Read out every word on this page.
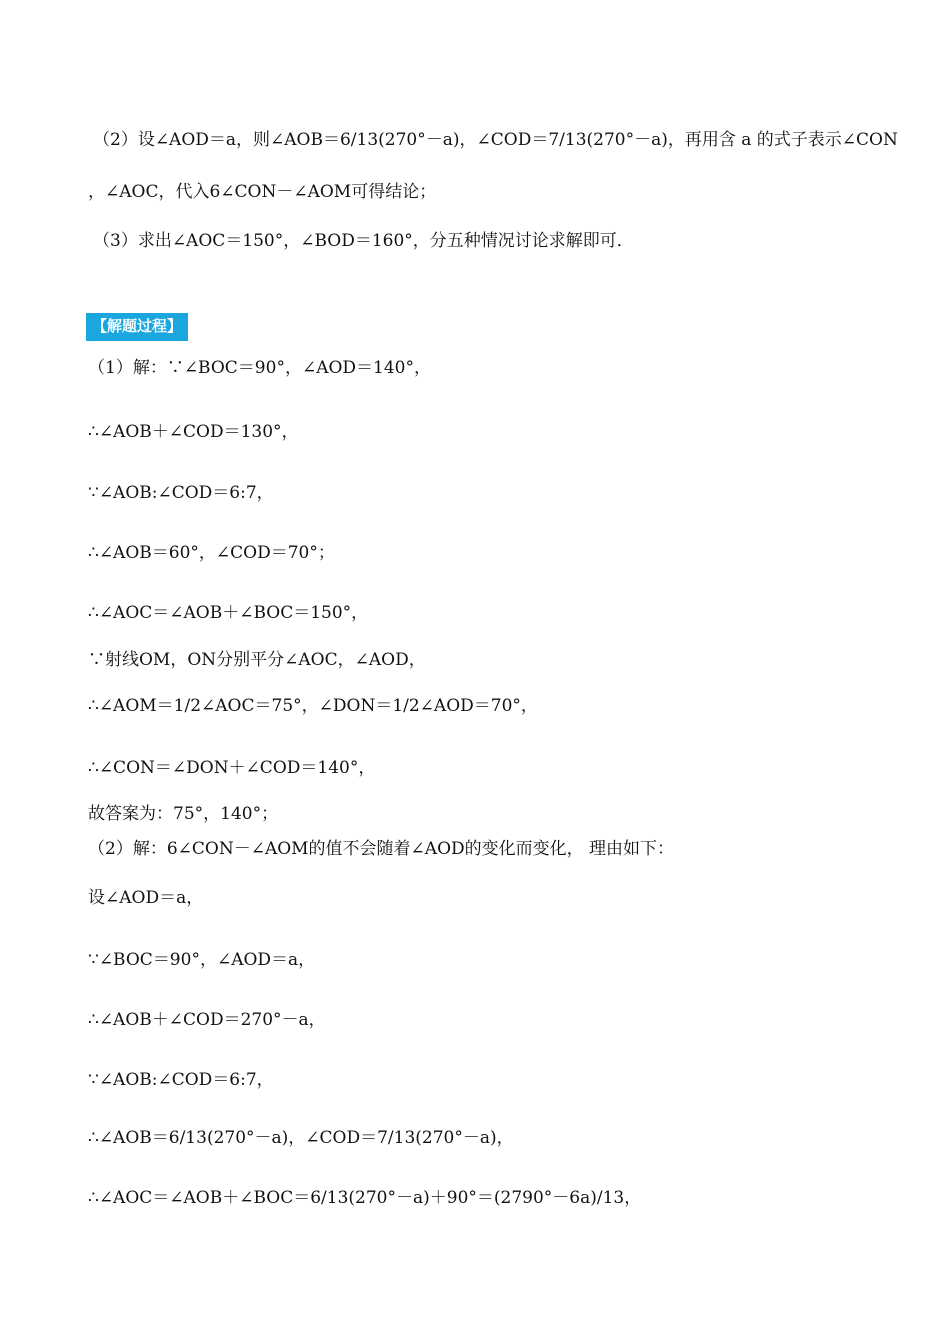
（2）设∠AOD＝a，则∠AOB＝6/13(270°－a)，∠COD＝7/13(270°－a)，再用含 a 的式子表示∠CON
，∠AOC，代入6∠CON－∠AOM可得结论；
（3）求出∠AOC＝150°，∠BOD＝160°，分五种情况讨论求解即可．
【解题过程】
（1）解：∵∠BOC＝90°，∠AOD＝140°，
∴∠AOB＋∠COD＝130°，
∵∠AOB:∠COD＝6:7，
∴∠AOB＝60°，∠COD＝70°；
∴∠AOC＝∠AOB＋∠BOC＝150°，
∵射线OM，ON分别平分∠AOC，∠AOD，
∴∠AOM＝1/2∠AOC＝75°，∠DON＝1/2∠AOD＝70°，
∴∠CON＝∠DON＋∠COD＝140°，
故答案为：75°，140°；
（2）解：6∠CON－∠AOM的值不会随着∠AOD的变化而变化， 理由如下：
设∠AOD＝a，
∵∠BOC＝90°，∠AOD＝a，
∴∠AOB＋∠COD＝270°－a，
∵∠AOB:∠COD＝6:7，
∴∠AOB＝6/13(270°－a)，∠COD＝7/13(270°－a)，
∴∠AOC＝∠AOB＋∠BOC＝6/13(270°－a)＋90°＝(2790°－6a)/13，
